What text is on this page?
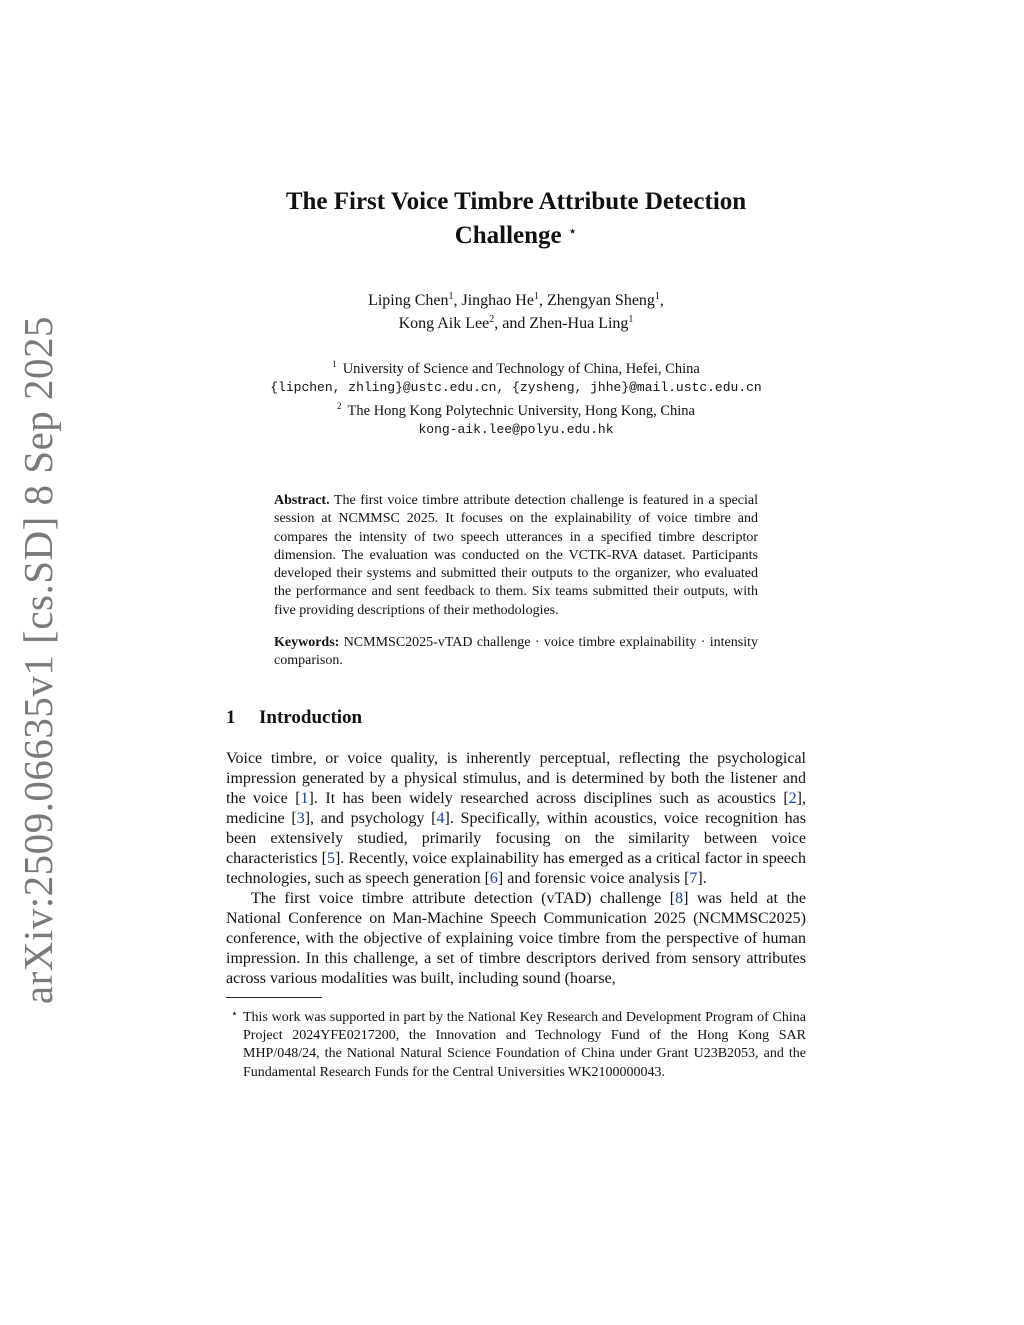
arXiv:2509.06635v1 [cs.SD] 8 Sep 2025
The First Voice Timbre Attribute Detection
Challenge ⋆
Liping Chen$^1$, Jinghao He$^1$, Zhengyan Sheng$^1$,
Kong Aik Lee$^2$, and Zhen-Hua Ling$^1$
$^1$ University of Science and Technology of China, Hefei, China
{lipchen, zhling}@ustc.edu.cn, {zysheng, jhhe}@mail.ustc.edu.cn
$^2$ The Hong Kong Polytechnic University, Hong Kong, China
kong-aik.lee@polyu.edu.hk
Abstract. The first voice timbre attribute detection challenge is featured in a special session at NCMMSC 2025. It focuses on the explainability of voice timbre and compares the intensity of two speech utterances in a specified timbre descriptor dimension. The evaluation was conducted on the VCTK-RVA dataset. Participants developed their systems and submitted their outputs to the organizer, who evaluated the performance and sent feedback to them. Six teams submitted their outputs, with five providing descriptions of their methodologies.
Keywords: NCMMSC2025-vTAD challenge · voice timbre explainability · intensity comparison.
1 Introduction

Voice timbre, or voice quality, is inherently perceptual, reflecting the psychological impression generated by a physical stimulus, and is determined by both the listener and the voice [1]. It has been widely researched across disciplines such as acoustics [2], medicine [3], and psychology [4]. Specifically, within acoustics, voice recognition has been extensively studied, primarily focusing on the similarity between voice characteristics [5]. Recently, voice explainability has emerged as a critical factor in speech technologies, such as speech generation [6] and forensic voice analysis [7].

The first voice timbre attribute detection (vTAD) challenge [8] was held at the National Conference on Man-Machine Speech Communication 2025 (NCMMSC2025) conference, with the objective of explaining voice timbre from the perspective of human impression. In this challenge, a set of timbre descriptors derived from sensory attributes across various modalities was built, including sound (hoarse,

⋆ This work was supported in part by the National Key Research and Development Program of China Project 2024YFE0217200, the Innovation and Technology Fund of the Hong Kong SAR MHP/048/24, the National Natural Science Foundation of China under Grant U23B2053, and the Fundamental Research Funds for the Central Universities WK2100000043.
